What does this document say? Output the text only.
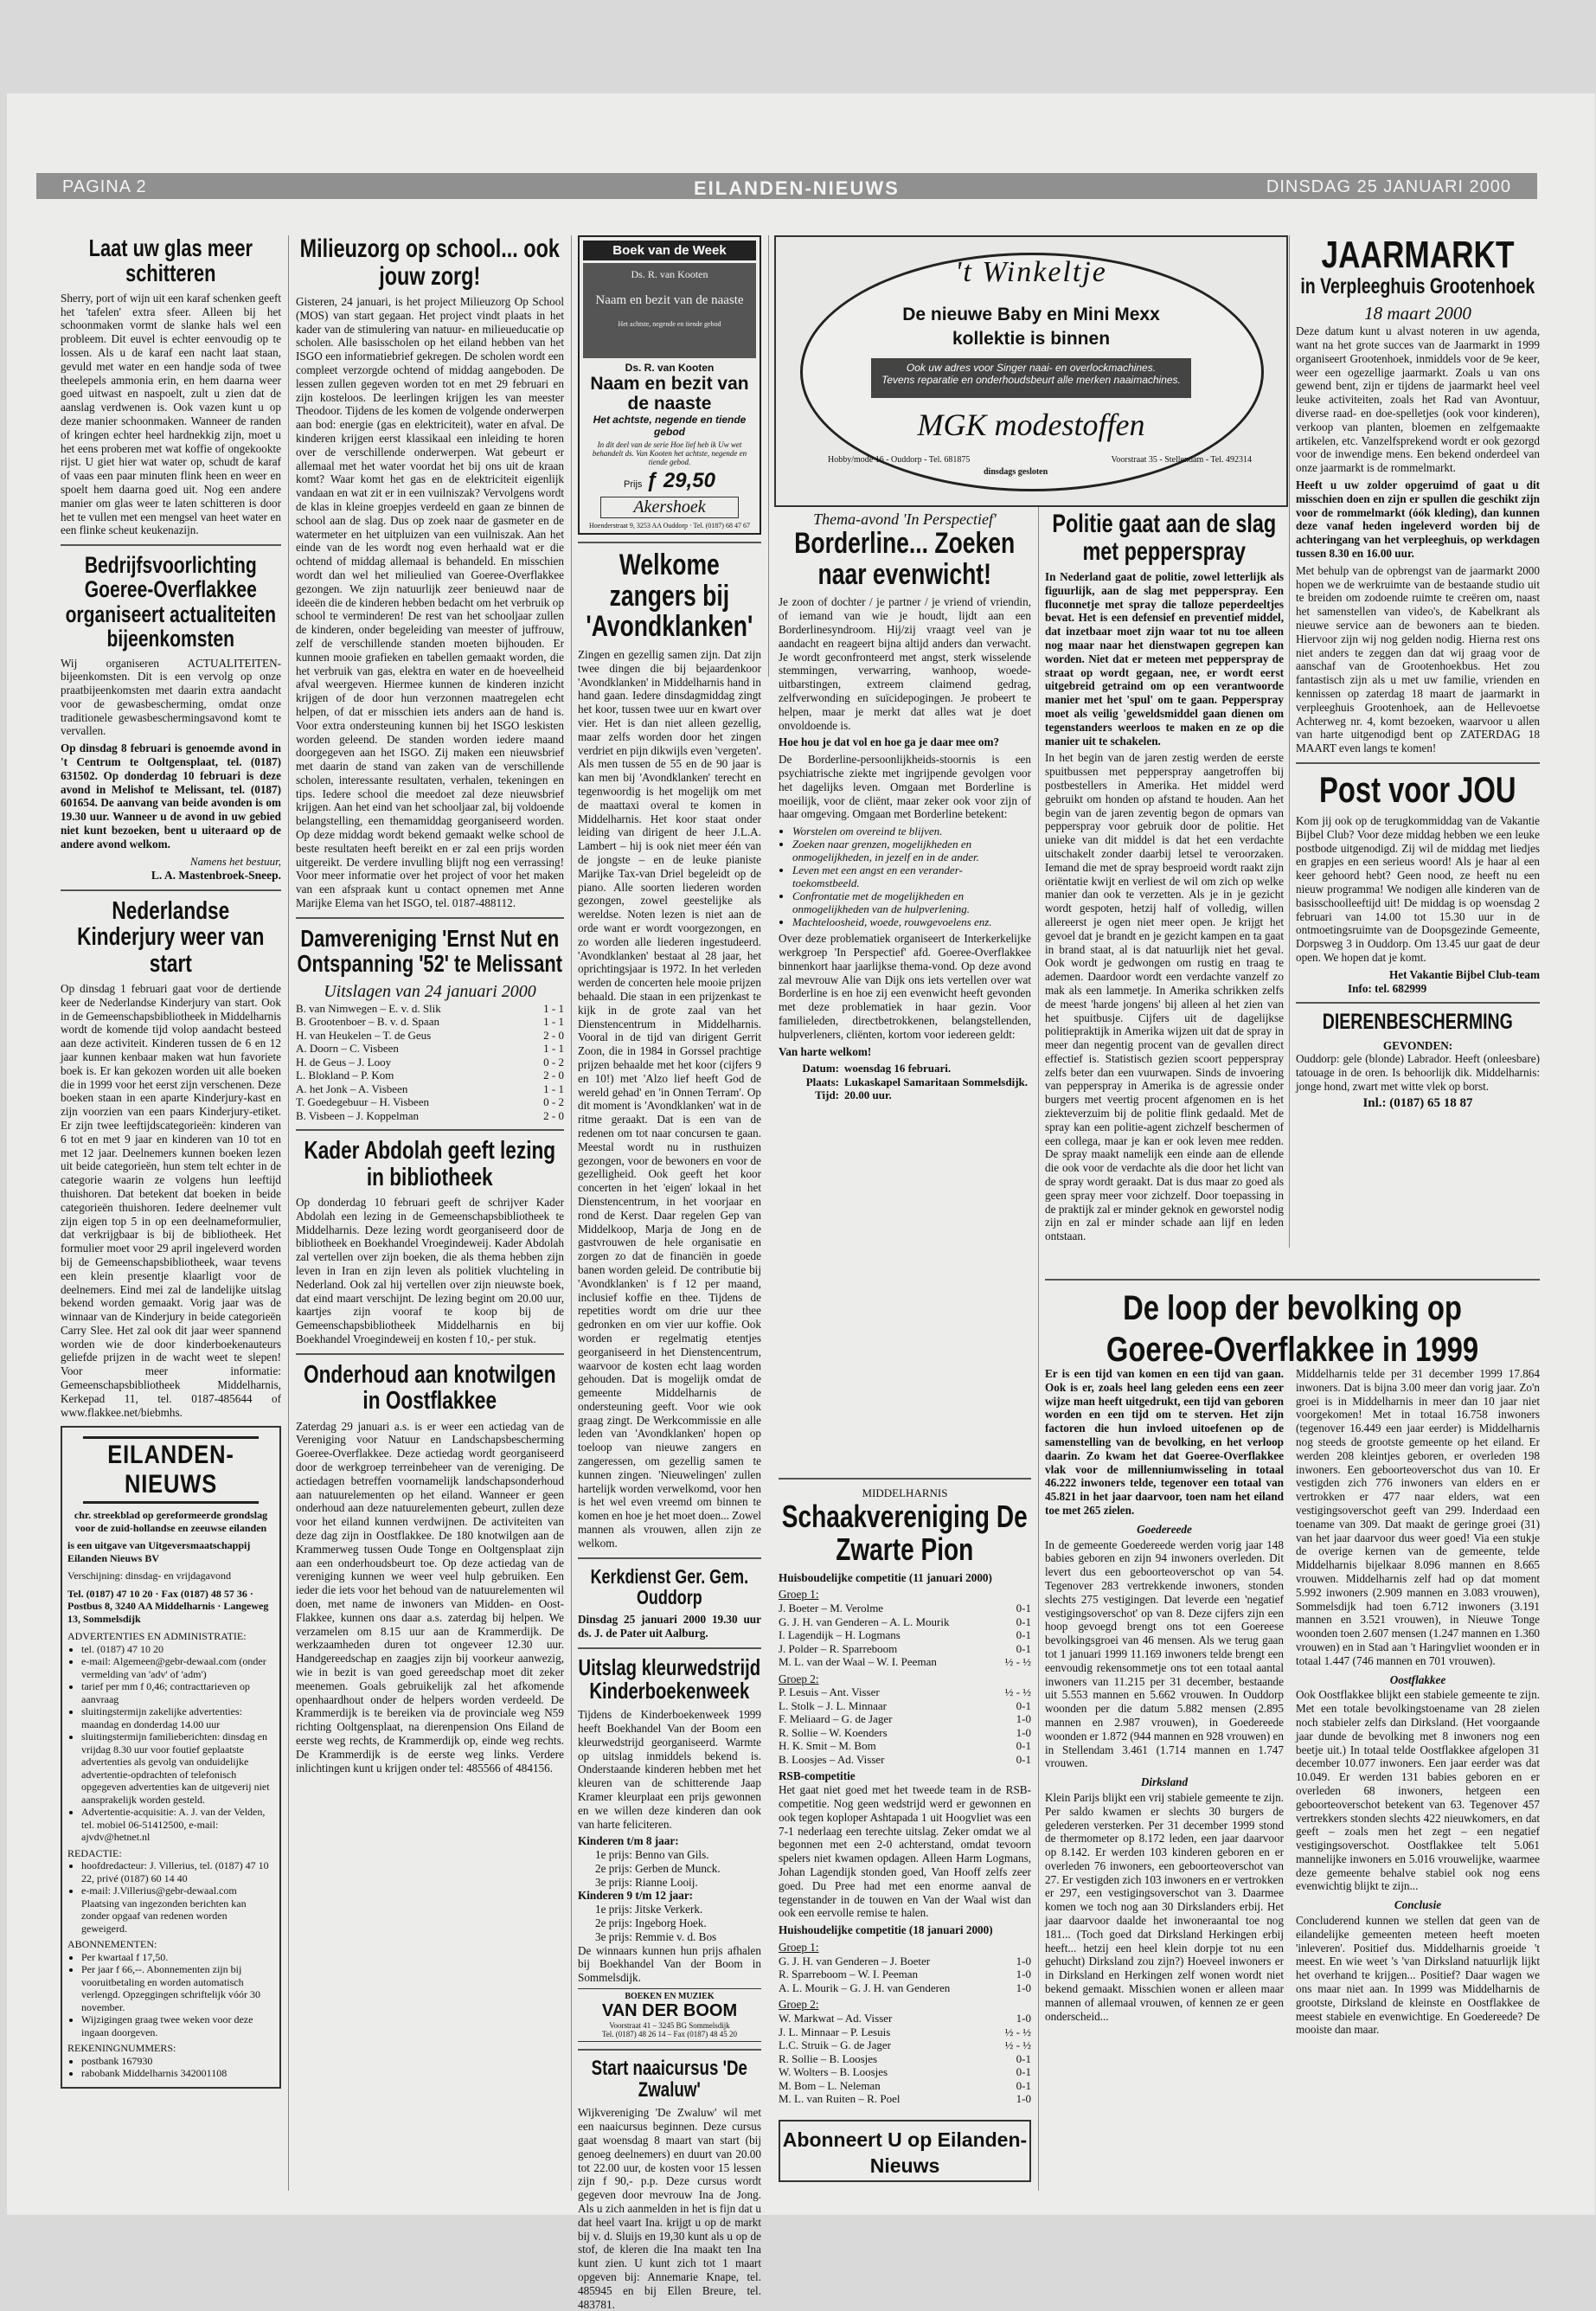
PAGINA 2	EILANDEN-NIEUWS	DINSDAG 25 JANUARI 2000
Laat uw glas meer schitteren

Sherry, port of wijn uit een karaf schenken geeft het 'tafelen' extra sfeer. Alleen bij het schoonmaken vormt de slanke hals wel een probleem. Dit euvel is echter eenvoudig op te lossen. Als u de karaf een nacht laat staan, gevuld met water en een handje soda of twee theelepels ammonia erin, en hem daarna weer goed uitwast en naspoelt, zult u zien dat de aanslag verdwenen is. Ook vazen kunt u op deze manier schoonmaken. Wanneer de randen of kringen echter heel hardnekkig zijn, moet u het eens proberen met wat koffie of ongekookte rijst. U giet hier wat water op, schudt de karaf of vaas een paar minuten flink heen en weer en spoelt hem daarna goed uit. Nog een andere manier om glas weer te laten schitteren is door het te vullen met een mengsel van heet water en een flinke scheut keukenazijn.

Bedrijfsvoorlichting Goeree-Overflakkee organiseert actualiteiten bijeenkomsten

Wij organiseren ACTUALITEITEN-bijeenkomsten. Dit is een vervolg op onze praatbijeenkomsten met daarin extra aandacht voor de gewasbescherming, omdat onze traditionele gewasbeschermingsavond komt te vervallen.

Op dinsdag 8 februari is genoemde avond in 't Centrum te Ooltgensplaat, tel. (0187) 631502. Op donderdag 10 februari is deze avond in Melishof te Melissant, tel. (0187) 601654. De aanvang van beide avonden is om 19.30 uur. Wanneer u de avond in uw gebied niet kunt bezoeken, bent u uiteraard op de andere avond welkom.

Namens het bestuur,

L. A. Mastenbroek-Sneep.

Nederlandse Kinderjury weer van start

Op dinsdag 1 februari gaat voor de dertiende keer de Nederlandse Kinderjury van start. Ook in de Gemeenschapsbibliotheek in Middelharnis wordt de komende tijd volop aandacht besteed aan deze activiteit. Kinderen tussen de 6 en 12 jaar kunnen kenbaar maken wat hun favoriete boek is. Er kan gekozen worden uit alle boeken die in 1999 voor het eerst zijn verschenen. Deze boeken staan in een aparte Kinderjury-kast en zijn voorzien van een paars Kinderjury-etiket. Er zijn twee leeftijdscategorieën: kinderen van 6 tot en met 9 jaar en kinderen van 10 tot en met 12 jaar. Deelnemers kunnen boeken lezen uit beide categorieën, hun stem telt echter in de categorie waarin ze volgens hun leeftijd thuishoren. Dat betekent dat boeken in beide categorieën thuishoren. Iedere deelnemer vult zijn eigen top 5 in op een deelnameformulier, dat verkrijgbaar is bij de bibliotheek. Het formulier moet voor 29 april ingeleverd worden bij de Gemeenschapsbibliotheek, waar tevens een klein presentje klaarligt voor de deelnemers. Eind mei zal de landelijke uitslag bekend worden gemaakt. Vorig jaar was de winnaar van de Kinderjury in beide categorieën Carry Slee. Het zal ook dit jaar weer spannend worden wie de door kinderboekenauteurs geliefde prijzen in de wacht weet te slepen! Voor meer informatie: Gemeenschapsbibliotheek Middelharnis, Kerkepad 11, tel. 0187-485644 of www.flakkee.net/biebmhs.

EILANDEN-NIEUWS

chr. streekblad op gereformeerde grondslag voor de zuid-hollandse en zeeuwse eilanden

is een uitgave van Uitgeversmaatschappij Eilanden Nieuws BV

Verschijning: dinsdag- en vrijdagavond

Tel. (0187) 47 10 20 · Fax (0187) 48 57 36 · Postbus 8, 3240 AA Middelharnis · Langeweg 13, Sommelsdijk

ADVERTENTIES EN ADMINISTRATIE:

• tel. (0187) 47 10 20
• e-mail: Algemeen@gebr-dewaal.com (onder vermelding van 'adv' of 'adm')
• tarief per mm f 0,46; contracttarieven op aanvraag
• sluitingstermijn zakelijke advertenties: maandag en donderdag 14.00 uur
• sluitingstermijn familieberichten: dinsdag en vrijdag 8.30 uur voor foutief geplaatste advertenties als gevolg van onduidelijke advertentie-opdrachten of telefonisch opgegeven advertenties kan de uitgeverij niet aansprakelijk worden gesteld.
• Advertentie-acquisitie: A. J. van der Velden, tel. mobiel 06-51412500, e-mail: ajvdv@hetnet.nl

REDACTIE:

• hoofdredacteur: J. Villerius, tel. (0187) 47 10 22, privé (0187) 60 14 40
• e-mail: J.Villerius@gebr-dewaal.com Plaatsing van ingezonden berichten kan zonder opgaaf van redenen worden geweigerd.

ABONNEMENTEN:

• Per kwartaal f 17,50.
• Per jaar f 66,--. Abonnementen zijn bij vooruitbetaling en worden automatisch verlengd. Opzeggingen schriftelijk vóór 30 november.
• Wijzigingen graag twee weken voor deze ingaan doorgeven.

REKENINGNUMMERS:

• postbank 167930
• rabobank Middelharnis 342001108
Milieuzorg op school... ook jouw zorg!

Gisteren, 24 januari, is het project Milieuzorg Op School (MOS) van start gegaan. Het project vindt plaats in het kader van de stimulering van natuur- en milieueducatie op scholen. Alle basisscholen op het eiland hebben van het ISGO een informatiebrief gekregen. De scholen wordt een compleet verzorgde ochtend of middag aangeboden. De lessen zullen gegeven worden tot en met 29 februari en zijn kosteloos. De leerlingen krijgen les van meester Theodoor. Tijdens de les komen de volgende onderwerpen aan bod: energie (gas en elektriciteit), water en afval. De kinderen krijgen eerst klassikaal een inleiding te horen over de verschillende onderwerpen. Wat gebeurt er allemaal met het water voordat het bij ons uit de kraan komt? Waar komt het gas en de elektriciteit eigenlijk vandaan en wat zit er in een vuilniszak? Vervolgens wordt de klas in kleine groepjes verdeeld en gaan ze binnen de school aan de slag. Dus op zoek naar de gasmeter en de watermeter en het uitpluizen van een vuilniszak. Aan het einde van de les wordt nog even herhaald wat er die ochtend of middag allemaal is behandeld. En misschien wordt dan wel het milieulied van Goeree-Overflakkee gezongen. We zijn natuurlijk zeer benieuwd naar de ideeën die de kinderen hebben bedacht om het verbruik op school te verminderen! De rest van het schooljaar zullen de kinderen, onder begeleiding van meester of juffrouw, zelf de verschillende standen moeten bijhouden. Er kunnen mooie grafieken en tabellen gemaakt worden, die het verbruik van gas, elektra en water en de hoeveelheid afval weergeven. Hiermee kunnen de kinderen inzicht krijgen of de door hun verzonnen maatregelen echt helpen, of dat er misschien iets anders aan de hand is. Voor extra ondersteuning kunnen bij het ISGO leskisten worden geleend. De standen worden iedere maand doorgegeven aan het ISGO. Zij maken een nieuwsbrief met daarin de stand van zaken van de verschillende scholen, interessante resultaten, verhalen, tekeningen en tips. Iedere school die meedoet zal deze nieuwsbrief krijgen. Aan het eind van het schooljaar zal, bij voldoende belangstelling, een themamiddag georganiseerd worden. Op deze middag wordt bekend gemaakt welke school de beste resultaten heeft bereikt en er zal een prijs worden uitgereikt. De verdere invulling blijft nog een verrassing! Voor meer informatie over het project of voor het maken van een afspraak kunt u contact opnemen met Anne Marijke Elema van het ISGO, tel. 0187-488112.

Damvereniging 'Ernst Nut en Ontspanning '52' te Melissant

Uitslagen van 24 januari 2000

B. van Nimwegen – E. v. d. Slik	1 - 1
B. Grootenboer – B. v. d. Spaan	1 - 1
H. van Heukelen – T. de Geus	2 - 0
A. Doorn – C. Visbeen	1 - 1
H. de Geus – J. Looy	0 - 2
L. Blokland – P. Kom	2 - 0
A. het Jonk – A. Visbeen	1 - 1
T. Goedegebuur – H. Visbeen	0 - 2
B. Visbeen – J. Koppelman	2 - 0
Kader Abdolah geeft lezing in bibliotheek

Op donderdag 10 februari geeft de schrijver Kader Abdolah een lezing in de Gemeenschapsbibliotheek te Middelharnis. Deze lezing wordt georganiseerd door de bibliotheek en Boekhandel Vroegindeweij. Kader Abdolah zal vertellen over zijn boeken, die als thema hebben zijn leven in Iran en zijn leven als politiek vluchteling in Nederland. Ook zal hij vertellen over zijn nieuwste boek, dat eind maart verschijnt. De lezing begint om 20.00 uur, kaartjes zijn vooraf te koop bij de Gemeenschapsbibliotheek Middelharnis en bij Boekhandel Vroegindeweij en kosten f 10,- per stuk.

Onderhoud aan knotwilgen in Oostflakkee

Zaterdag 29 januari a.s. is er weer een actiedag van de Vereniging voor Natuur en Landschapsbescherming Goeree-Overflakkee. Deze actiedag wordt georganiseerd door de werkgroep terreinbeheer van de vereniging. De actiedagen betreffen voornamelijk landschapsonderhoud aan natuurelementen op het eiland. Wanneer er geen onderhoud aan deze natuurelementen gebeurt, zullen deze voor het eiland kunnen verdwijnen. De activiteiten van deze dag zijn in Oostflakkee. De 180 knotwilgen aan de Krammerweg tussen Oude Tonge en Ooltgensplaat zijn aan een onderhoudsbeurt toe. Op deze actiedag van de vereniging kunnen we weer veel hulp gebruiken. Een ieder die iets voor het behoud van de natuurelementen wil doen, met name de inwoners van Midden- en Oost-Flakkee, kunnen ons daar a.s. zaterdag bij helpen. We verzamelen om 8.15 uur aan de Krammerdijk. De werkzaamheden duren tot ongeveer 12.30 uur. Handgereedschap en zaagjes zijn bij voorkeur aanwezig, wie in bezit is van goed gereedschap moet dit zeker meenemen. Goals gebruikelijk zal het afkomende openhaardhout onder de helpers worden verdeeld. De Krammerdijk is te bereiken via de provinciale weg N59 richting Ooltgensplaat, na dierenpension Ons Eiland de eerste weg rechts, de Krammerdijk op, einde weg rechts. De Krammerdijk is de eerste weg links. Verdere inlichtingen kunt u krijgen onder tel: 485566 of 484156.

Boek van de Week
Ds. R. van Kooten
Naam en bezit van de naaste
Het achtste, negende en tiende gebod
Ds. R. van Kooten
Naam en bezit van de naaste
Het achtste, negende en tiende gebod
In dit deel van de serie Hoe lief heb ik Uw wet behandelt ds. Van Kooten het achtste, negende en tiende gebod.
Prijs ƒ 29,50
Akershoek
Hoenderstraat 9, 3253 AA Ouddorp · Tel. (0187) 68 47 67
Welkome zangers bij 'Avondklanken'

Zingen en gezellig samen zijn. Dat zijn twee dingen die bij bejaardenkoor 'Avondklanken' in Middelharnis hand in hand gaan. Iedere dinsdagmiddag zingt het koor, tussen twee uur en kwart over vier. Het is dan niet alleen gezellig, maar zelfs worden door het zingen verdriet en pijn dikwijls even 'vergeten'. Als men tussen de 55 en de 90 jaar is kan men bij 'Avondklanken' terecht en tegenwoordig is het mogelijk om met de maattaxi overal te komen in Middelharnis. Het koor staat onder leiding van dirigent de heer J.L.A. Lambert – hij is ook niet meer één van de jongste – en de leuke pianiste Marijke Tax-van Driel begeleidt op de piano. Alle soorten liederen worden gezongen, zowel geestelijke als wereldse. Noten lezen is niet aan de orde want er wordt voorgezongen, en zo worden alle liederen ingestudeerd. 'Avondklanken' bestaat al 28 jaar, het oprichtingsjaar is 1972. In het verleden werden de concerten hele mooie prijzen behaald. Die staan in een prijzenkast te kijk in de grote zaal van het Dienstencentrum in Middelharnis. Vooral in de tijd van dirigent Gerrit Zoon, die in 1984 in Gorssel prachtige prijzen behaalde met het koor (cijfers 9 en 10!) met 'Alzo lief heeft God de wereld gehad' en 'in Onnen Terram'. Op dit moment is 'Avondklanken' wat in de ritme geraakt. Dat is een van de redenen om tot naar concursen te gaan. Meestal wordt nu in rusthuizen gezongen, voor de bewoners en voor de gezelligheid. Ook geeft het koor concerten in het 'eigen' lokaal in het Dienstencentrum, in het voorjaar en rond de Kerst. Daar regelen Gep van Middelkoop, Marja de Jong en de gastvrouwen de hele organisatie en zorgen zo dat de financiën in goede banen worden geleid. De contributie bij 'Avondklanken' is f 12 per maand, inclusief koffie en thee. Tijdens de repetities wordt om drie uur thee gedronken en om vier uur koffie. Ook worden er regelmatig etentjes georganiseerd in het Dienstencentrum, waarvoor de kosten echt laag worden gehouden. Dat is mogelijk omdat de gemeente Middelharnis de ondersteuning geeft. Voor wie ook graag zingt. De Werkcommissie en alle leden van 'Avondklanken' hopen op toeloop van nieuwe zangers en zangeressen, om gezellig samen te kunnen zingen. 'Nieuwelingen' zullen hartelijk worden verwelkomd, voor hen is het wel even vreemd om binnen te komen en hoe je het moet doen... Zowel mannen als vrouwen, allen zijn ze welkom.

Kerkdienst Ger. Gem. Ouddorp

Dinsdag 25 januari 2000 19.30 uur ds. J. de Pater uit Aalburg.

Uitslag kleurwedstrijd Kinderboekenweek

Tijdens de Kinderboekenweek 1999 heeft Boekhandel Van der Boom een kleurwedstrijd georganiseerd. Warmte op uitslag inmiddels bekend is. Onderstaande kinderen hebben met het kleuren van de schitterende Jaap Kramer kleurplaat een prijs gewonnen en we willen deze kinderen dan ook van harte feliciteren.

Kinderen t/m 8 jaar:

1e prijs: Benno van Gils.

2e prijs: Gerben de Munck.

3e prijs: Rianne Looij.

Kinderen 9 t/m 12 jaar:

1e prijs: Jitske Verkerk.

2e prijs: Ingeborg Hoek.

3e prijs: Remmie v. d. Bos

De winnaars kunnen hun prijs afhalen bij Boekhandel Van der Boom in Sommelsdijk.

BOEKEN EN MUZIEK
VAN DER BOOM
Voorstraat 41 – 3245 BG Sommelsdijk
Tel. (0187) 48 26 14 – Fax (0187) 48 45 20
Start naaicursus 'De Zwaluw'

Wijkvereniging 'De Zwaluw' wil met een naaicursus beginnen. Deze cursus gaat woensdag 8 maart van start (bij genoeg deelnemers) en duurt van 20.00 tot 22.00 uur, de kosten voor 15 lessen zijn f 90,- p.p. Deze cursus wordt gegeven door mevrouw Ina de Jong. Als u zich aanmelden in het is fijn dat u dat heel vaart Ina. krijgt u op de markt bij v. d. Sluijs en 19,30 kunt als u op de stof, de kleren die Ina maakt ten Ina kunt zien. U kunt zich tot 1 maart opgeven bij: Annemarie Knape, tel. 485945 en bij Ellen Breure, tel. 483781.

't Winkeltje
De nieuwe Baby en Mini Mexx
kollektie is binnen
Ook uw adres voor Singer naai- en overlockmachines.
Tevens reparatie en onderhoudsbeurt alle merken naaimachines.
MGK modestoffen
Hobby/mode 16 - Ouddorp - Tel. 681875
dinsdags gesloten
Voorstraat 35 - Stellendam - Tel. 492314

Thema-avond 'In Perspectief'

Borderline... Zoeken naar evenwicht!

Je zoon of dochter / je partner / je vriend of vriendin, of iemand van wie je houdt, lijdt aan een Borderlinesyndroom. Hij/zij vraagt veel van je aandacht en reageert bijna altijd anders dan verwacht. Je wordt geconfronteerd met angst, sterk wisselende stemmingen, verwarring, wanhoop, woede-uitbarstingen, extreem claimend gedrag, zelfverwonding en suïcidepogingen. Je probeert te helpen, maar je merkt dat alles wat je doet onvoldoende is.

Hoe hou je dat vol en hoe ga je daar mee om?

De Borderline-persoonlijkheids-stoornis is een psychiatrische ziekte met ingrijpende gevolgen voor het dagelijks leven. Omgaan met Borderline is moeilijk, voor de cliënt, maar zeker ook voor zijn of haar omgeving. Omgaan met Borderline betekent:

• Worstelen om overeind te blijven.
• Zoeken naar grenzen, mogelijkheden en onmogelijkheden, in jezelf en in de ander.
• Leven met een angst en een verander- toekomstbeeld.
• Confrontatie met de mogelijkheden en onmogelijkheden van de hulpverlening.
• Machteloosheid, woede, rouwgevoelens enz.

Over deze problematiek organiseert de Interkerkelijke werkgroep 'In Perspectief' afd. Goeree-Overflakkee binnenkort haar jaarlijkse thema-vond. Op deze avond zal mevrouw Alie van Dijk ons iets vertellen over wat Borderline is en hoe zij een evenwicht heeft gevonden met deze problematiek in haar gezin. Voor familieleden, directbetrokkenen, belangstellenden, hulpverleners, cliënten, kortom voor iedereen geldt:

Van harte welkom!

Datum:	woensdag 16 februari.
Plaats:	Lukaskapel Samaritaan Sommelsdijk.
Tijd:	20.00 uur.

MIDDELHARNIS

Schaakvereniging De Zwarte Pion

Huisboudelijke competitie (11 januari 2000)

Groep 1:

J. Boeter – M. Verolme	0-1
G. J. H. van Genderen – A. L. Mourik	0-1
I. Lagendijk – H. Logmans	0-1
J. Polder – R. Sparreboom	0-1
M. L. van der Waal – W. I. Peeman	½ - ½

Groep 2:

P. Lesuis – Ant. Visser	½ - ½
L. Stolk – J. L. Minnaar	0-1
F. Meliaard – G. de Jager	1-0
R. Sollie – W. Koenders	1-0
H. K. Smit – M. Bom	0-1
B. Loosjes – Ad. Visser	0-1

RSB-competitie

Het gaat niet goed met het tweede team in de RSB-competitie. Nog geen wedstrijd werd er gewonnen en ook tegen koploper Ashtapada 1 uit Hoogvliet was een 7-1 nederlaag een terechte uitslag. Zeker omdat we al begonnen met een 2-0 achterstand, omdat tevoorn spelers niet kwamen opdagen. Alleen Harm Logmans, Johan Lagendijk stonden goed, Van Hooff zelfs zeer goed. Du Pree had met een enorme aanval de tegenstander in de touwen en Van der Waal wist dan ook een eervolle remise te halen.

Huishoudelijke competitie (18 januari 2000)

Groep 1:

G. J. H. van Genderen – J. Boeter	1-0
R. Sparreboom – W. I. Peeman	1-0
A. L. Mourik – G. J. H. van Genderen	1-0

Groep 2:

W. Markwat – Ad. Visser	1-0
J. L. Minnaar – P. Lesuis	½ - ½
L.C. Struik – G. de Jager	½ - ½
R. Sollie – B. Loosjes	0-1
W. Wolters – B. Loosjes	0-1
M. Bom – L. Neleman	0-1
M. L. van Ruiten – R. Poel	1-0
Abonneert U op Eilanden-Nieuws
Politie gaat aan de slag met pepperspray

In Nederland gaat de politie, zowel letterlijk als figuurlijk, aan de slag met pepperspray. Een fluconnetje met spray die talloze peperdeeltjes bevat. Het is een defensief en preventief middel, dat inzetbaar moet zijn waar tot nu toe alleen nog maar naar het dienstwapen gegrepen kan worden. Niet dat er meteen met pepperspray de straat op wordt gegaan, nee, er wordt eerst uitgebreid getraind om op een verantwoorde manier met het 'spul' om te gaan. Pepperspray moet als veilig 'geweldsmiddel gaan dienen om tegenstanders weerloos te maken en ze op die manier uit te schakelen.

In het begin van de jaren zestig werden de eerste spuitbussen met pepperspray aangetroffen bij postbestellers in Amerika. Het middel werd gebruikt om honden op afstand te houden. Aan het begin van de jaren zeventig begon de opmars van pepperspray voor gebruik door de politie. Het unieke van dit middel is dat het een verdachte uitschakelt zonder daarbij letsel te veroorzaken. Iemand die met de spray besproeid wordt raakt zijn oriëntatie kwijt en verliest de wil om zich op welke manier dan ook te verzetten. Als je in je gezicht wordt gespoten, hetzij half of volledig, willen allereerst je ogen niet meer open. Je krijgt het gevoel dat je brandt en je gezicht kampen en ta gaat in brand staat, al is dat natuurlijk niet het geval. Ook wordt je gedwongen om rustig en traag te ademen. Daardoor wordt een verdachte vanzelf zo mak als een lammetje. In Amerika schrikken zelfs de meest 'harde jongens' bij alleen al het zien van het spuitbusje. Cijfers uit de dagelijkse politiepraktijk in Amerika wijzen uit dat de spray in meer dan negentig procent van de gevallen direct effectief is. Statistisch gezien scoort pepperspray zelfs beter dan een vuurwapen. Sinds de invoering van pepperspray in Amerika is de agressie onder burgers met veertig procent afgenomen en is het ziekteverzuim bij de politie flink gedaald. Met de spray kan een politie-agent zichzelf beschermen of een collega, maar je kan er ook leven mee redden. De spray maakt namelijk een einde aan de ellende die ook voor de verdachte als die door het licht van de spray wordt geraakt. Dat is dus maar zo goed als geen spray meer voor zichzelf. Door toepassing in de praktijk zal er minder geknok en geworstel nodig zijn en zal er minder schade aan lijf en leden ontstaan.

JAARMARKT
in Verpleeghuis Grootenhoek

18 maart 2000

Deze datum kunt u alvast noteren in uw agenda, want na het grote succes van de Jaarmarkt in 1999 organiseert Grootenhoek, inmiddels voor de 9e keer, weer een ogezellige jaarmarkt. Zoals u van ons gewend bent, zijn er tijdens de jaarmarkt heel veel leuke activiteiten, zoals het Rad van Avontuur, diverse raad- en doe-spelletjes (ook voor kinderen), verkoop van planten, bloemen en zelfgemaakte artikelen, etc. Vanzelfsprekend wordt er ook gezorgd voor de inwendige mens. Een bekend onderdeel van onze jaarmarkt is de rommelmarkt.

Heeft u uw zolder opgeruimd of gaat u dit misschien doen en zijn er spullen die geschikt zijn voor de rommelmarkt (óók kleding), dan kunnen deze vanaf heden ingeleverd worden bij de achteringang van het verpleeghuis, op werkdagen tussen 8.30 en 16.00 uur.

Met behulp van de opbrengst van de jaarmarkt 2000 hopen we de werkruimte van de bestaande studio uit te breiden om zodoende ruimte te creëren om, naast het samenstellen van video's, de Kabelkrant als nieuwe service aan de bewoners aan te bieden. Hiervoor zijn wij nog gelden nodig. Hierna rest ons niet anders te zeggen dan dat wij graag voor de aanschaf van de Grootenhoekbus. Het zou fantastisch zijn als u met uw familie, vrienden en kennissen op zaterdag 18 maart de jaarmarkt in verpleeghuis Grootenhoek, aan de Hellevoetse Achterweg nr. 4, komt bezoeken, waarvoor u allen van harte uitgenodigd bent op ZATERDAG 18 MAART even langs te komen!

Post voor JOU

Kom jij ook op de terugkommiddag van de Vakantie Bijbel Club? Voor deze middag hebben we een leuke postbode uitgenodigd. Zij wil de middag met liedjes en grapjes en een serieus woord! Als je haar al een keer gehoord hebt? Geen nood, ze heeft nu een nieuw programma! We nodigen alle kinderen van de basisschoolleeftijd uit! De middag is op woensdag 2 februari van 14.00 tot 15.30 uur in de ontmoetingsruimte van de Doopsgezinde Gemeente, Dorpsweg 3 in Ouddorp. Om 13.45 uur gaat de deur open. We hopen dat je komt.

Het Vakantie Bijbel Club-team

Info: tel. 682999

DIERENBESCHERMING

GEVONDEN:

Ouddorp: gele (blonde) Labrador. Heeft (onleesbare) tatouage in de oren. Is behoorlijk dik. Middelharnis: jonge hond, zwart met witte vlek op borst.

Inl.: (0187) 65 18 87

De loop der bevolking op Goeree-Overflakkee in 1999

Er is een tijd van komen en een tijd van gaan. Ook is er, zoals heel lang geleden eens een zeer wijze man heeft uitgedrukt, een tijd van geboren worden en een tijd om te sterven. Het zijn factoren die hun invloed uitoefenen op de samenstelling van de bevolking, en het verloop daarin. Zo kwam het dat Goeree-Overflakkee vlak voor de millenniumwisseling in totaal 46.222 inwoners telde, tegenover een totaal van 45.821 in het jaar daarvoor, toen nam het eiland toe met 265 zielen.

Goedereede

In de gemeente Goedereede werden vorig jaar 148 babies geboren en zijn 94 inwoners overleden. Dit levert dus een geboorteoverschot op van 54. Tegenover 283 vertrekkende inwoners, stonden slechts 275 vestigingen. Dat leverde een 'negatief vestigingsoverschot' op van 8. Deze cijfers zijn een hoop gevoegd brengt ons tot een Goereese bevolkingsgroei van 46 mensen. Als we terug gaan tot 1 januari 1999 11.169 inwoners telde brengt een eenvoudig rekensommetje ons tot een totaal aantal inwoners van 11.215 per 31 december, bestaande uit 5.553 mannen en 5.662 vrouwen. In Ouddorp woonden per die datum 5.882 mensen (2.895 mannen en 2.987 vrouwen), in Goedereede woonden er 1.872 (944 mannen en 928 vrouwen) en in Stellendam 3.461 (1.714 mannen en 1.747 vrouwen.

Dirksland

Klein Parijs blijkt een vrij stabiele gemeente te zijn. Per saldo kwamen er slechts 30 burgers de gelederen versterken. Per 31 december 1999 stond de thermometer op 8.172 leden, een jaar daarvoor op 8.142. Er werden 103 kinderen geboren en er overleden 76 inwoners, een geboorteoverschot van 27. Er vestigden zich 103 inwoners en er vertrokken er 297, een vestigingsoverschot van 3. Daarmee komen we toch nog aan 30 Dirkslanders erbij. Het jaar daarvoor daalde het inwoneraantal toe nog 181... (Toch goed dat Dirksland Herkingen erbij heeft... hetzij een heel klein dorpje tot nu een gehucht) Dirksland zou zijn?) Hoeveel inwoners er in Dirksland en Herkingen zelf wonen wordt niet bekend gemaakt. Misschien wonen er alleen maar mannen of allemaal vrouwen, of kennen ze er geen onderscheid...

Middelharnis telde per 31 december 1999 17.864 inwoners. Dat is bijna 3.00 meer dan vorig jaar. Zo'n groei is in Middelharnis in meer dan 10 jaar niet voorgekomen! Met in totaal 16.758 inwoners (tegenover 16.449 een jaar eerder) is Middelharnis nog steeds de grootste gemeente op het eiland. Er werden 208 kleintjes geboren, er overleden 198 inwoners. Een geboorteoverschot dus van 10. Er vestigden zich 776 inwoners van elders en er vertrokken er 477 naar elders, wat een vestigingsoverschot geeft van 299. Inderdaad een toename van 309. Dat maakt de geringe groei (31) van het jaar daarvoor dus weer goed! Via een stukje de overige kernen van de gemeente, telde Middelharnis bijelkaar 8.096 mannen en 8.665 vrouwen. Middelharnis zelf had op dat moment 5.992 inwoners (2.909 mannen en 3.083 vrouwen), Sommelsdijk had toen 6.712 inwoners (3.191 mannen en 3.521 vrouwen), in Nieuwe Tonge woonden toen 2.607 mensen (1.247 mannen en 1.360 vrouwen) en in Stad aan 't Haringvliet woonden er in totaal 1.447 (746 mannen en 701 vrouwen).

Oostflakkee

Ook Oostflakkee blijkt een stabiele gemeente te zijn. Met een totale bevolkingstoename van 28 zielen noch stabieler zelfs dan Dirksland. (Het voorgaande jaar dunde de bevolking met 8 inwoners nog een beetje uit.) In totaal telde Oostflakkee afgelopen 31 december 10.077 inwoners. Een jaar eerder was dat 10.049. Er werden 131 babies geboren en er overleden 68 inwoners, hetgeen een geboorteoverschot betekent van 63. Tegenover 457 vertrekkers stonden slechts 422 nieuwkomers, en dat geeft – zoals men het zegt – een negatief vestigingsoverschot. Oostflakkee telt 5.061 mannelijke inwoners en 5.016 vrouwelijke, waarmee deze gemeente behalve stabiel ook nog eens evenwichtig blijkt te zijn...

Conclusie

Concluderend kunnen we stellen dat geen van de eilandelijke gemeenten meteen heeft moeten 'inleveren'. Positief dus. Middelharnis groeide 't meest. En wie weet 's 'van Dirksland natuurlijk lijkt het overhand te krijgen... Positief? Daar wagen we ons maar niet aan. In 1999 was Middelharnis de grootste, Dirksland de kleinste en Oostflakkee de meest stabiele en evenwichtige. En Goedereede? De mooiste dan maar.
